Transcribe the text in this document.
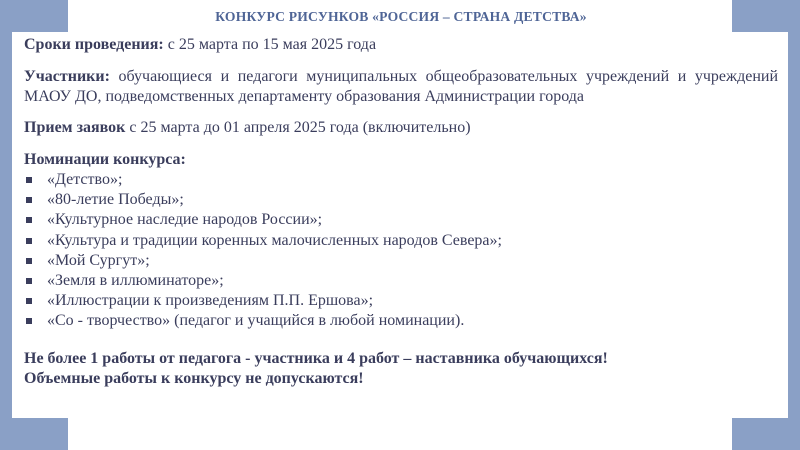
КОНКУРС РИСУНКОВ «РОССИЯ – СТРАНА ДЕТСТВА»

Сроки проведения: с 25 марта по 15 мая 2025 года

Участники: обучающиеся и педагоги муниципальных общеобразовательных учреждений и учреждений МАОУ ДО, подведомственных департаменту образования Администрации города

Прием заявок с 25 марта до 01 апреля 2025 года (включительно)

Номинации конкурса:

«Детство»;
«80-летие Победы»;
«Культурное наследие народов России»;
«Культура и традиции коренных малочисленных народов Севера»;
«Мой Сургут»;
«Земля в иллюминаторе»;
«Иллюстрации к произведениям П.П. Ершова»;
«Со - творчество» (педагог и учащийся в любой номинации).

Не более 1 работы от педагога - участника и 4 работ – наставника обучающихся!

Объемные работы к конкурсу не допускаются!
